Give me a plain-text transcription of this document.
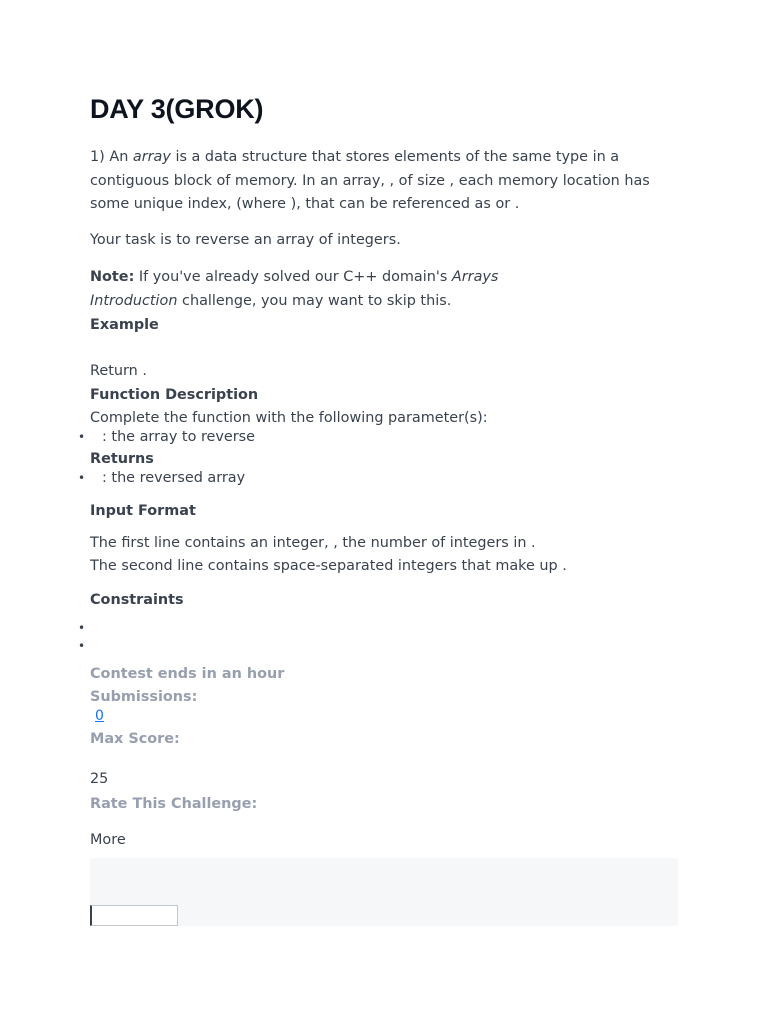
DAY 3(GROK)

1) An array is a data structure that stores elements of the same type in a contiguous block of memory. In an array, , of size , each memory location has some unique index, (where ), that can be referenced as or .

Your task is to reverse an array of integers.

Note: If you've already solved our C++ domain's Arrays Introduction challenge, you may want to skip this.

Example
Return .
Function Description
Complete the function with the following parameter(s):
• : the array to reverse
Returns
• : the reversed array
Input Format
The first line contains an integer, , the number of integers in .
The second line contains space-separated integers that make up .
Constraints
•
•
Contest ends in an hour
Submissions:
0
Max Score:
25
Rate This Challenge:
More
